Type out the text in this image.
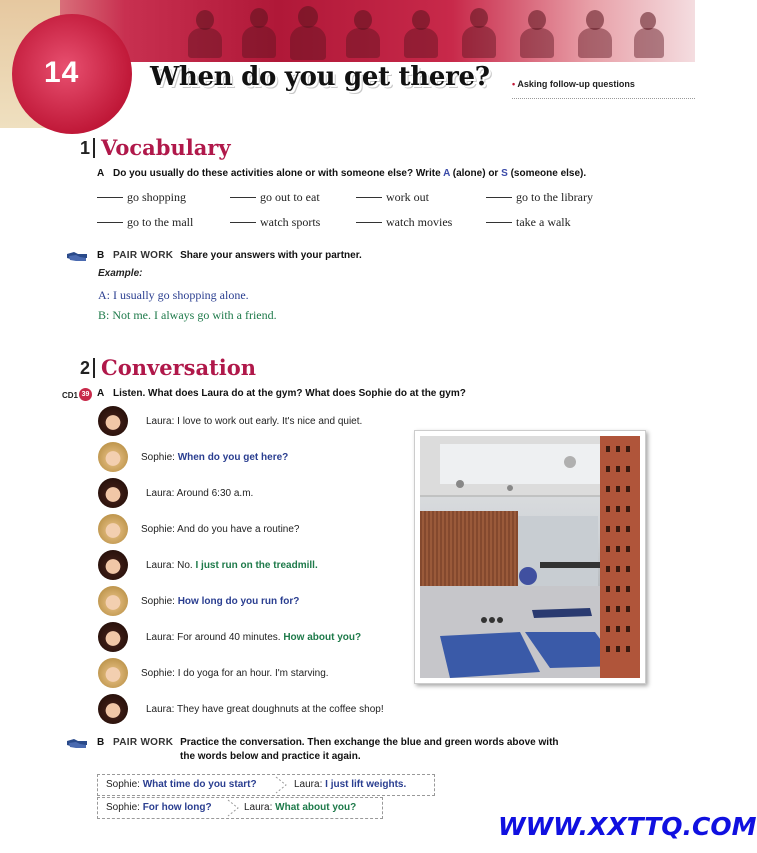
14	When do you get there? • Asking follow-up questions
1 Vocabulary
A Do you usually do these activities alone or with someone else? Write A (alone) or S (someone else).
go shopping	go out to eat	work out	go to the library
go to the mall	watch sports	watch movies	take a walk
B PAIR WORK Share your answers with your partner.
Example:
A: I usually go shopping alone.
B: Not me. I always go with a friend.
2 Conversation
CD1 39 A Listen. What does Laura do at the gym? What does Sophie do at the gym?
Laura: I love to work out early. It's nice and quiet.
Sophie: When do you get here?
Laura: Around 6:30 a.m.
Sophie: And do you have a routine?
Laura: No. I just run on the treadmill.
Sophie: How long do you run for?
Laura: For around 40 minutes. How about you?
Sophie: I do yoga for an hour. I'm starving.
Laura: They have great doughnuts at the coffee shop!
B PAIR WORK Practice the conversation. Then exchange the blue and green words above with
the words below and practice it again.
Sophie: What time do you start?	Laura: I just lift weights.
Sophie: For how long?	Laura: What about you?
WWW.XXTTQ.COM
